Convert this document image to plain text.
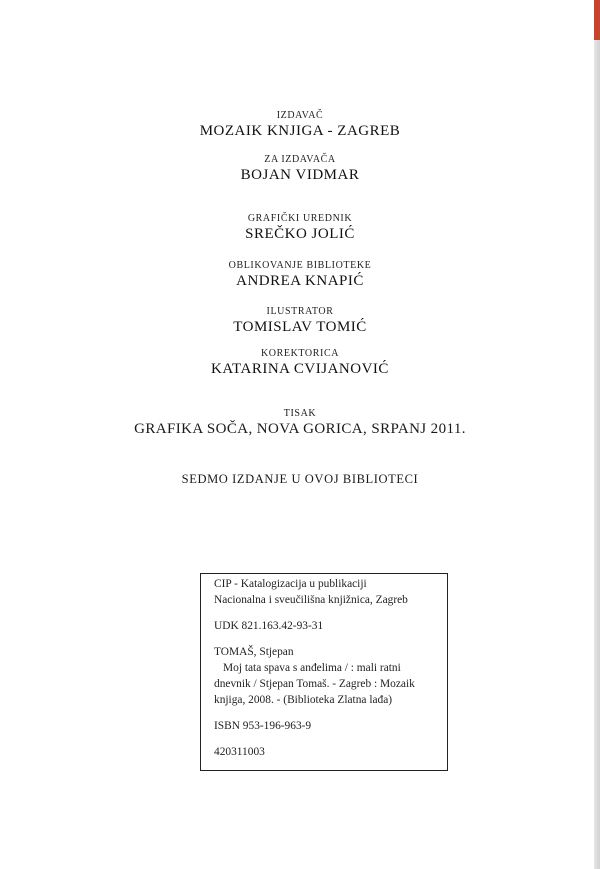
IZDAVAČ
MOZAIK KNJIGA - ZAGREB
ZA IZDAVAČA
BOJAN VIDMAR
GRAFIČKI UREDNIK
SREČKO JOLIĆ
OBLIKOVANJE BIBLIOTEKE
ANDREA KNAPIĆ
ILUSTRATOR
TOMISLAV TOMIĆ
KOREKTORICA
KATARINA CVIJANOVIĆ
TISAK
GRAFIKA SOČA, NOVA GORICA, SRPANJ 2011.
SEDMO IZDANJE U OVOJ BIBLIOTECI
CIP - Katalogizacija u publikaciji
Nacionalna i sveučilišna knjižnica, Zagreb
UDK 821.163.42-93-31
TOMAŠ, Stjepan
Moj tata spava s anđelima / : mali ratni
dnevnik / Stjepan Tomaš. - Zagreb : Mozaik
knjiga, 2008. - (Biblioteka Zlatna lađa)
ISBN 953-196-963-9
420311003
